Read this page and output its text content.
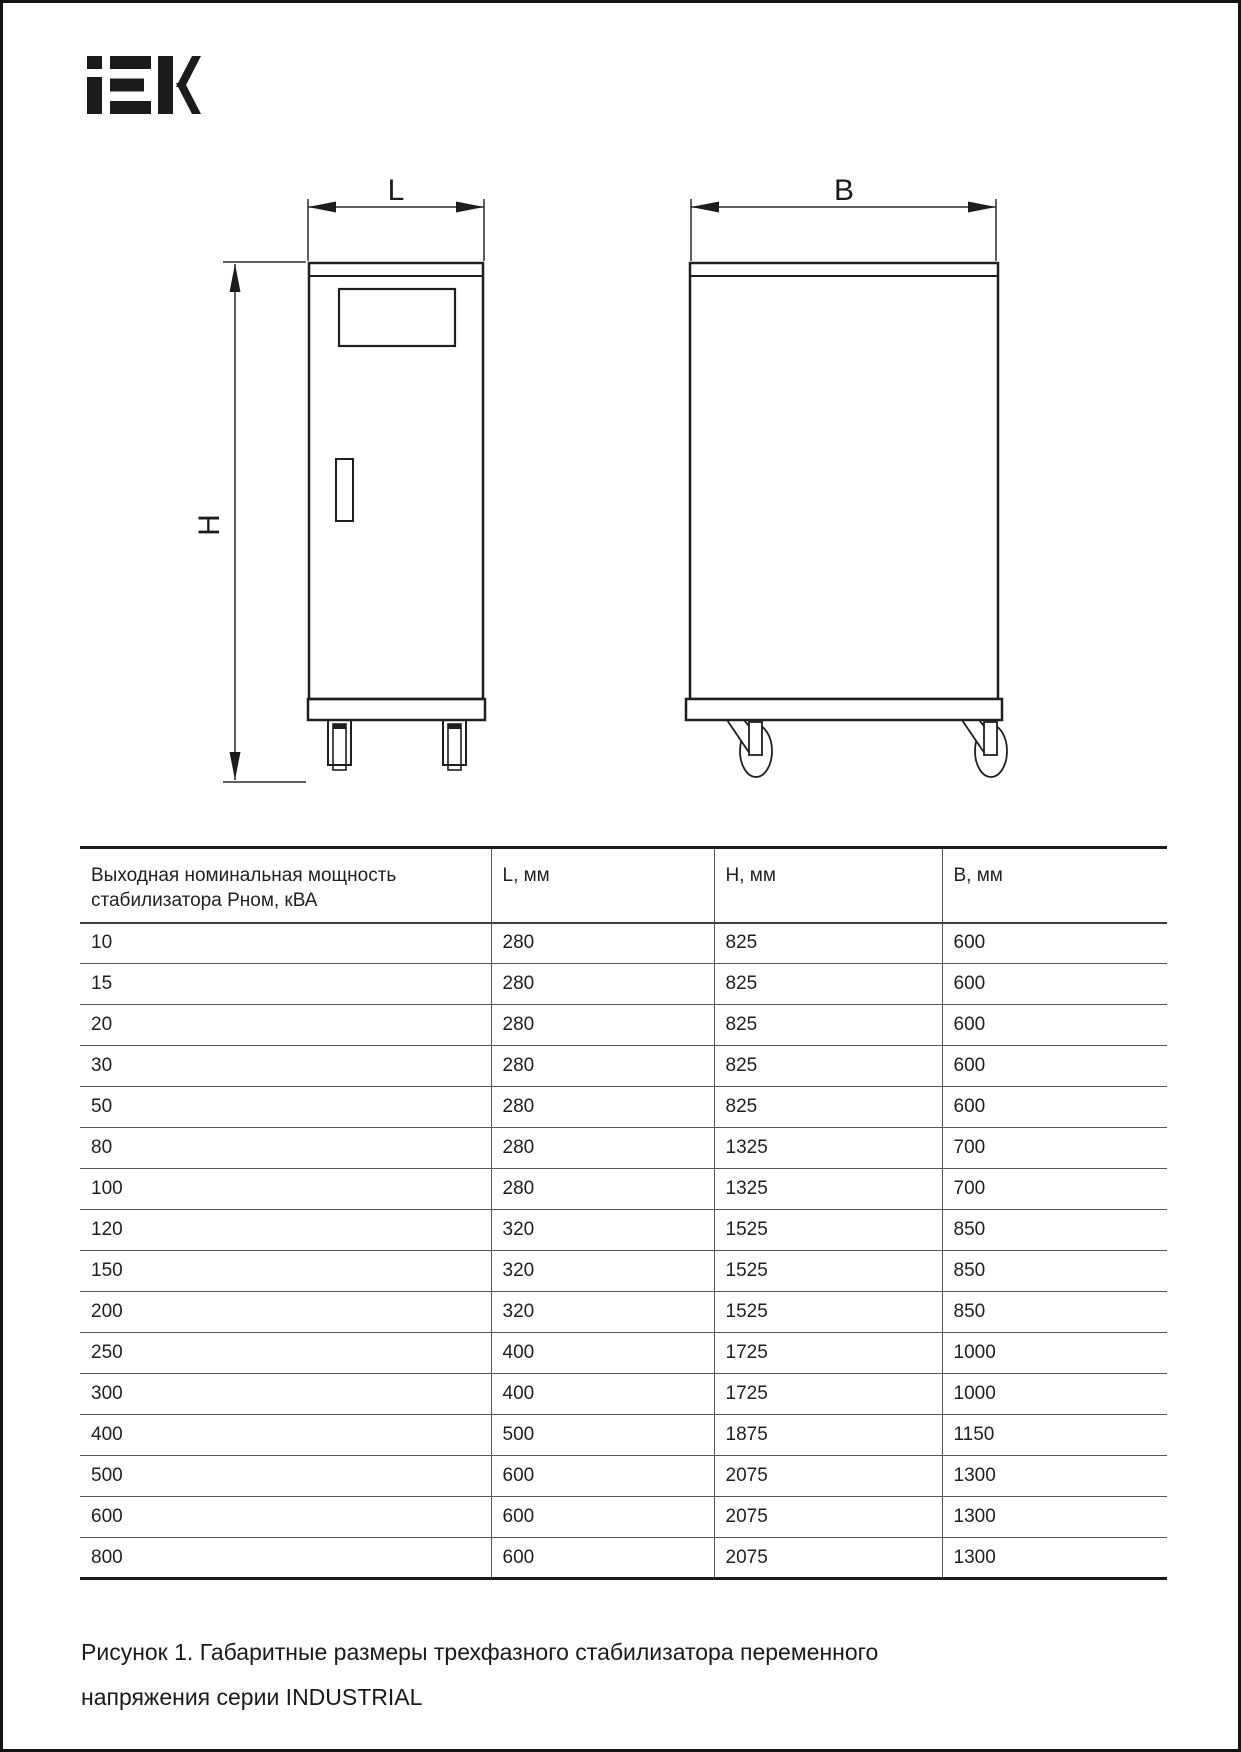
L
H
B
Выходная номинальная мощность
стабилизатора Рном, кВА	L, мм	H, мм	B, мм
10	280	825	600
15	280	825	600
20	280	825	600
30	280	825	600
50	280	825	600
80	280	1325	700
100	280	1325	700
120	320	1525	850
150	320	1525	850
200	320	1525	850
250	400	1725	1000
300	400	1725	1000
400	500	1875	1150
500	600	2075	1300
600	600	2075	1300
800	600	2075	1300
Рисунок 1. Габаритные размеры трехфазного стабилизатора переменного
напряжения серии INDUSTRIAL
